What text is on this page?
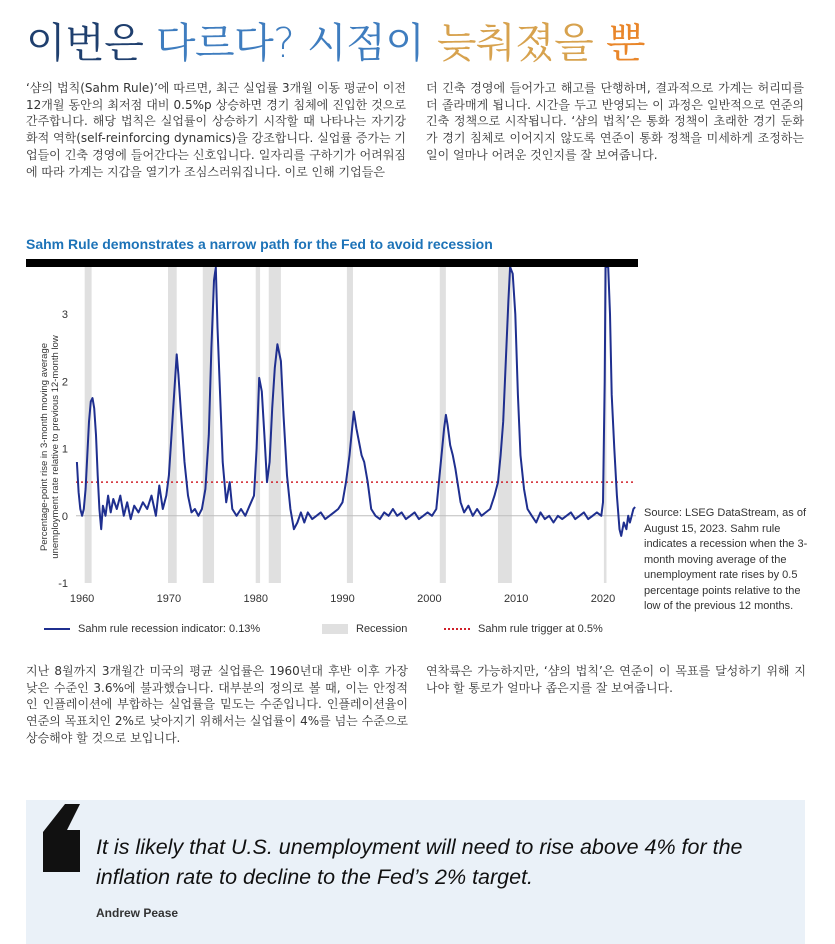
이번은 다르다? 시점이 늦춰졌을 뿐
‘샴의 법칙(Sahm Rule)’에 따르면, 최근 실업률 3개월 이동 평균이 이전 12개월 동안의 최저점 대비 0.5%p 상승하면 경기 침체에 진입한 것으로 간주합니다. 해당 법칙은 실업률이 상승하기 시작할 때 나타나는 자기강화적 역학(self-reinforcing dynamics)을 강조합니다. 실업률 증가는 기업들이 긴축 경영에 들어간다는 신호입니다. 일자리를 구하기가 어려워짐에 따라 가계는 지갑을 열기가 조심스러워집니다. 이로 인해 기업들은
더 긴축 경영에 들어가고 해고를 단행하며, 결과적으로 가계는 허리띠를 더 졸라매게 됩니다. 시간을 두고 반영되는 이 과정은 일반적으로 연준의 긴축 정책으로 시작됩니다. ‘샴의 법칙’은 통화 정책이 초래한 경기 둔화가 경기 침체로 이어지지 않도록 연준이 통화 정책을 미세하게 조정하는 일이 얼마나 어려운 것인지를 잘 보여줍니다.
Sahm Rule demonstrates a narrow path for the Fed to avoid recession
-1
0
1
2
3
1960	1970	1980	1990	2000	2010	2020
Percentage-point rise in 3-month moving average unemployment rate relative to previous 12-month low
Sahm rule recession indicator: 0.13%	Recession	Sahm rule trigger at 0.5%
Source: LSEG DataStream, as of August 15, 2023. Sahm rule indicates a recession when the 3-month moving average of the unemployment rate rises by 0.5 percentage points relative to the low of the previous 12 months.
지난 8월까지 3개월간 미국의 평균 실업률은 1960년대 후반 이후 가장 낮은 수준인 3.6%에 불과했습니다. 대부분의 정의로 볼 때, 이는 안정적인 인플레이션에 부합하는 실업률을 밑도는 수준입니다. 인플레이션율이 연준의 목표치인 2%로 낮아지기 위해서는 실업률이 4%를 넘는 수준으로 상승해야 할 것으로 보입니다.
연착륙은 가능하지만, ‘샴의 법칙’은 연준이 이 목표를 달성하기 위해 지나야 할 통로가 얼마나 좁은지를 잘 보여줍니다.
It is likely that U.S. unemployment will need to rise above 4% for the inflation rate to decline to the Fed’s 2% target.
Andrew Pease
